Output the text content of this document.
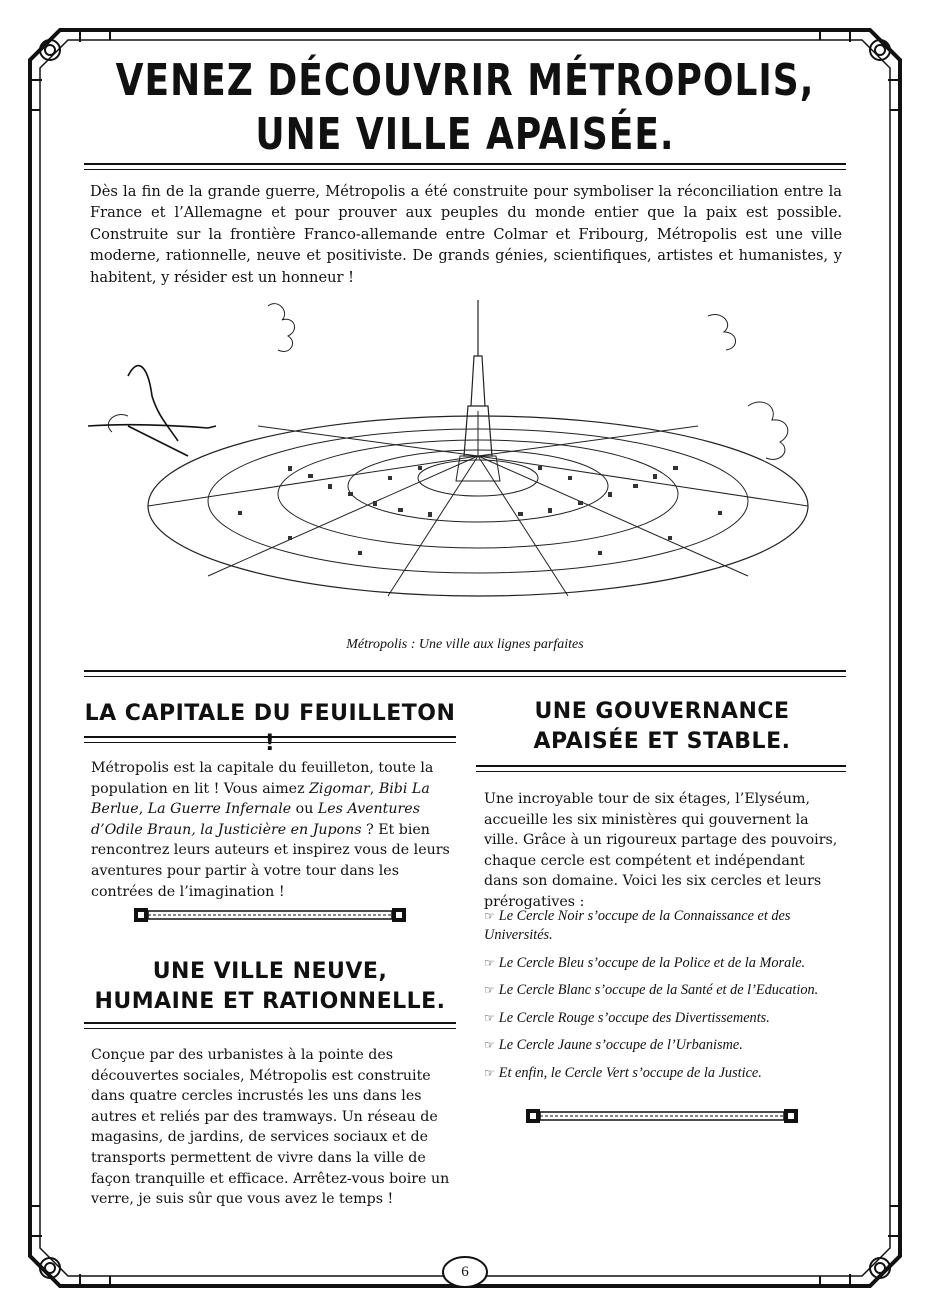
VENEZ DÉCOUVRIR MÉTROPOLIS,
UNE VILLE APAISÉE.
Dès la fin de la grande guerre, Métropolis a été construite pour symboliser la réconciliation entre la France et l’Allemagne et pour prouver aux peuples du monde entier que la paix est possible. Construite sur la frontière Franco-allemande entre Colmar et Fribourg, Métropolis est une ville moderne, rationnelle, neuve et positiviste. De grands génies, scientifiques, artistes et humanistes, y habitent, y résider est un honneur !
Métropolis : Une ville aux lignes parfaites
LA CAPITALE DU FEUILLETON !
Métropolis est la capitale du feuilleton, toute la population en lit ! Vous aimez Zigomar, Bibi La Berlue, La Guerre Infernale ou Les Aventures d’Odile Braun, la Justicière en Jupons ? Et bien rencontrez leurs auteurs et inspirez vous de leurs aventures pour partir à votre tour dans les contrées de l’imagination !
UNE VILLE NEUVE,
HUMAINE ET RATIONNELLE.
Conçue par des urbanistes à la pointe des découvertes sociales, Métropolis est construite dans quatre cercles incrustés les uns dans les autres et reliés par des tramways. Un réseau de magasins, de jardins, de services sociaux et de transports permettent de vivre dans la ville de façon tranquille et efficace. Arrêtez-vous boire un verre, je suis sûr que vous avez le temps !
UNE GOUVERNANCE
APAISÉE ET STABLE.
Une incroyable tour de six étages, l’Elyséum, accueille les six ministères qui gouvernent la ville. Grâce à un rigoureux partage des pouvoirs, chaque cercle est compétent et indépendant dans son domaine. Voici les six cercles et leurs prérogatives :
☞ Le Cercle Noir s’occupe de la Connaissance et des Universités.
☞ Le Cercle Bleu s’occupe de la Police et de la Morale.
☞ Le Cercle Blanc s’occupe de la Santé et de l’Education.
☞ Le Cercle Rouge s’occupe des Divertissements.
☞ Le Cercle Jaune s’occupe de l’Urbanisme.
☞ Et enfin, le Cercle Vert s’occupe de la Justice.
6
